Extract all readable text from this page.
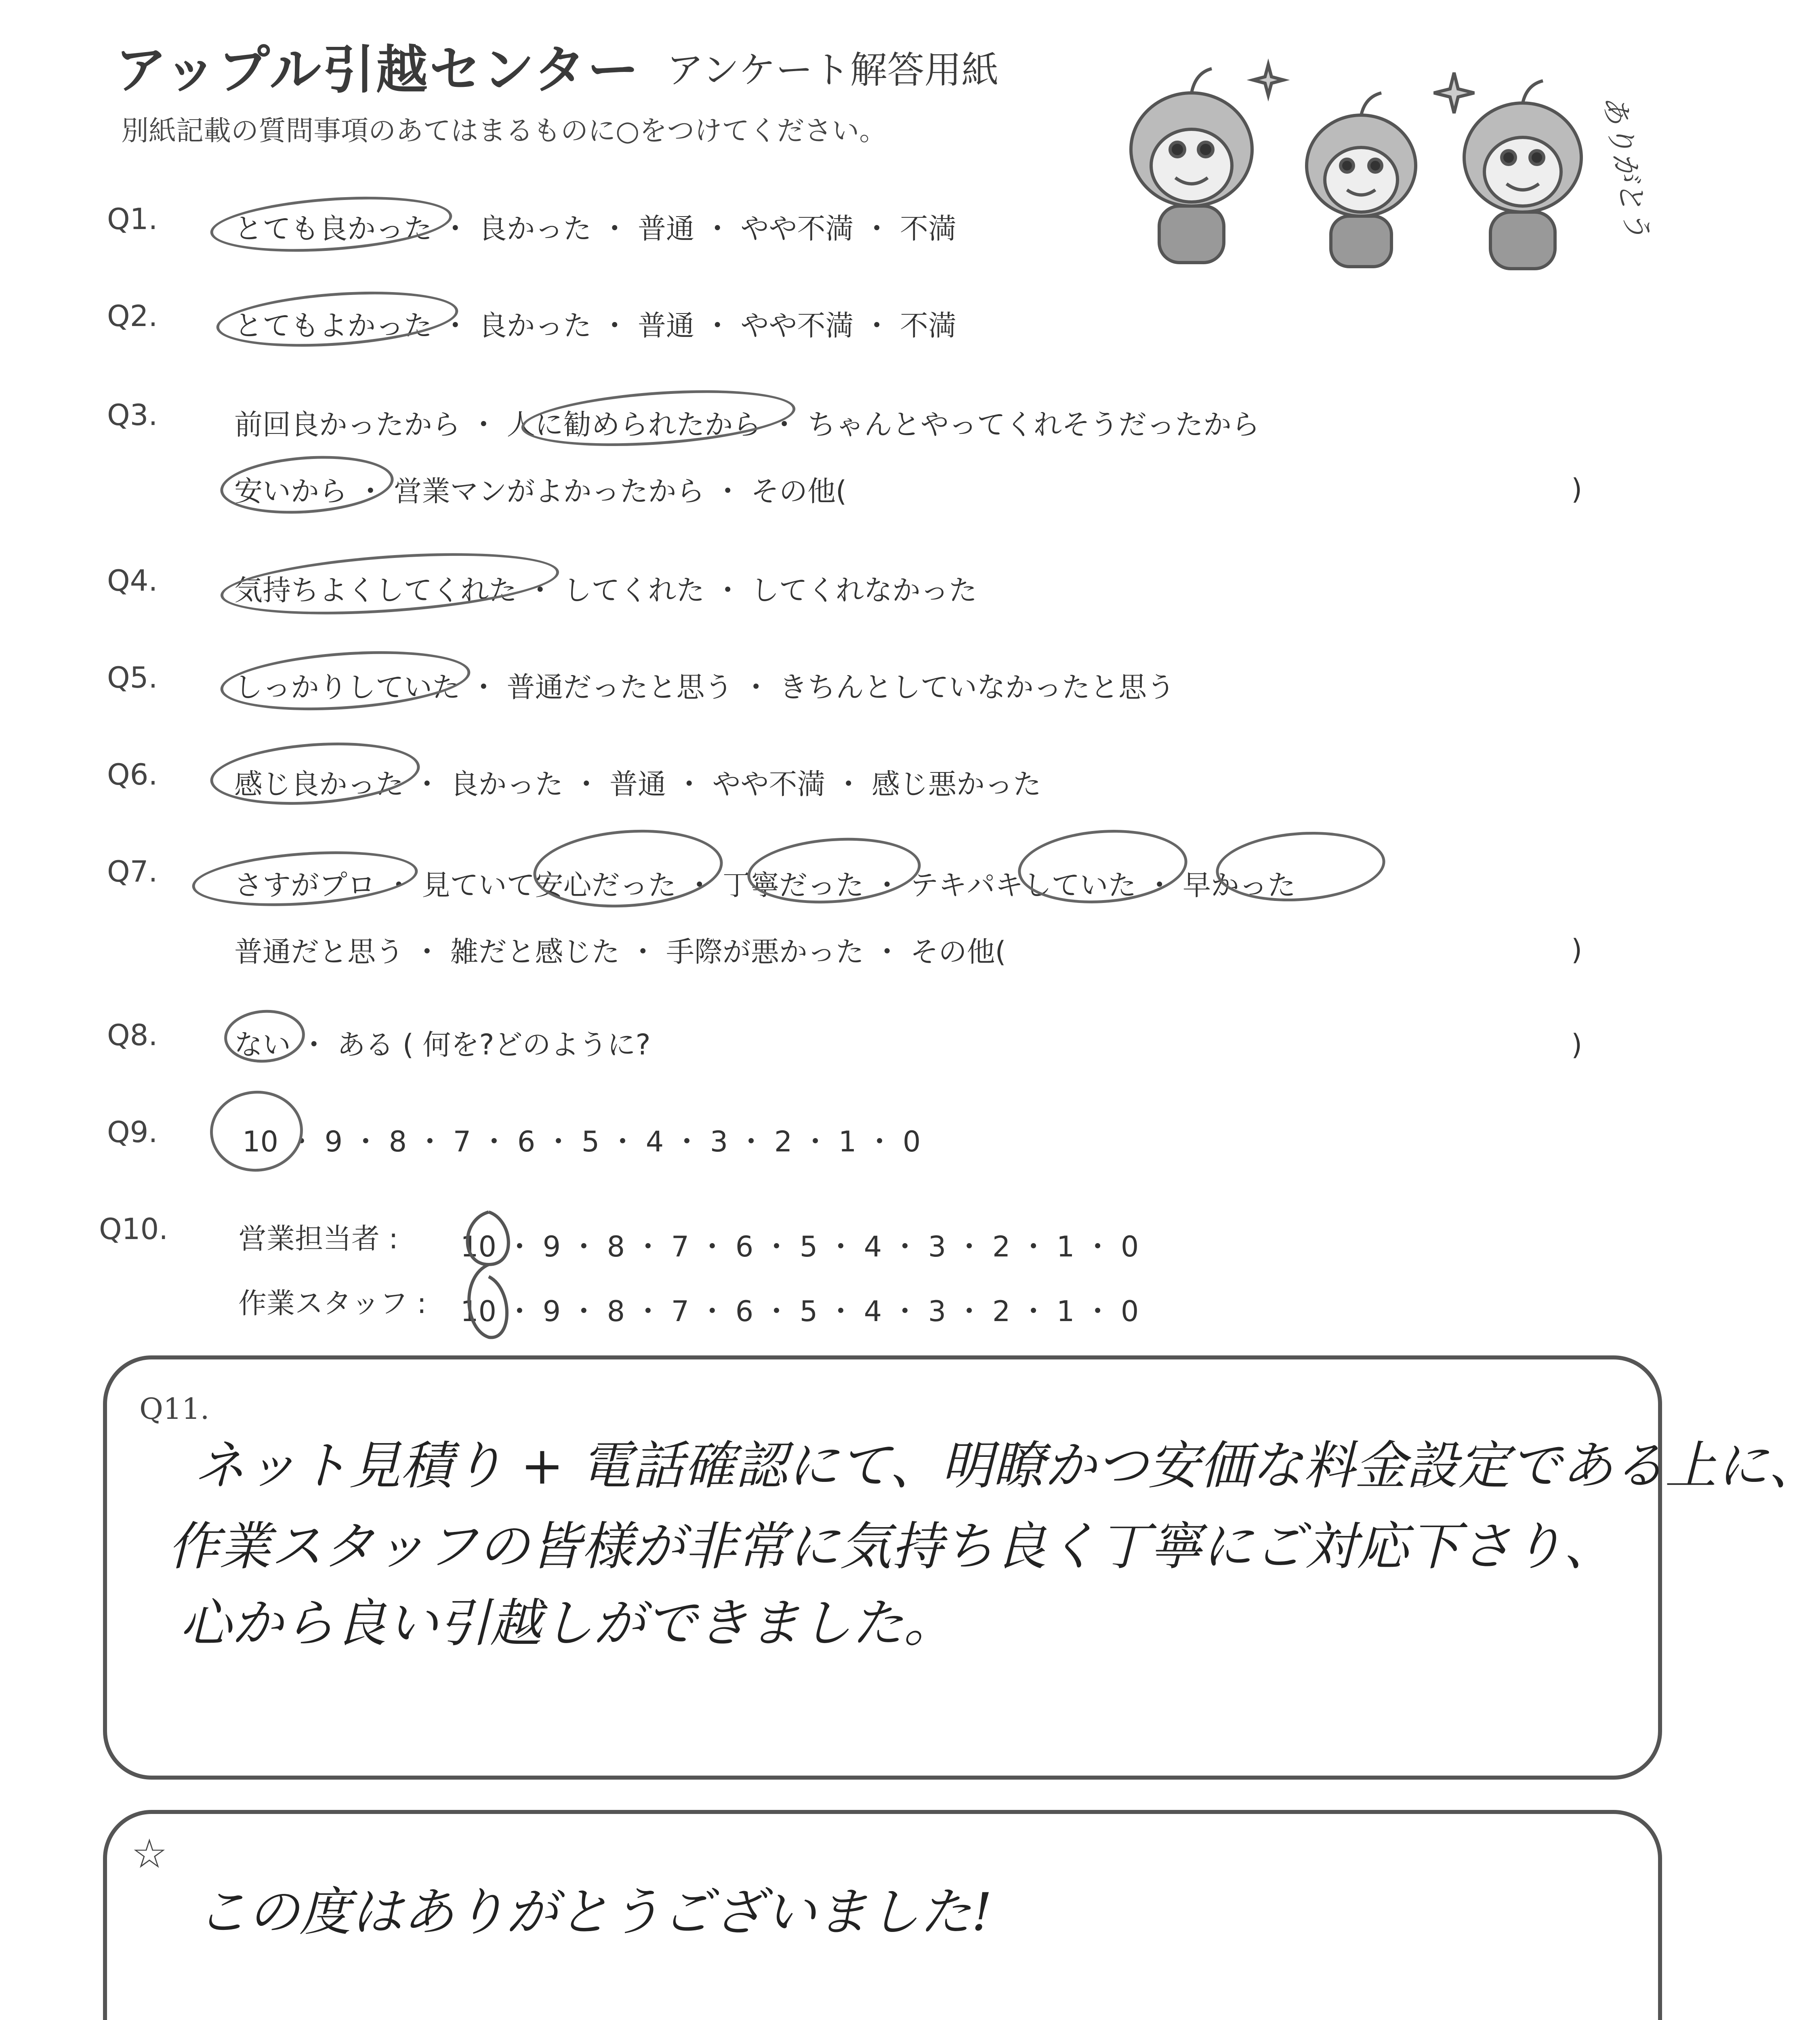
アップル引越センター アンケート解答用紙
別紙記載の質問事項のあてはまるものに○をつけてください。	ありがとう
Q1.	とても良かった ・ 良かった ・ 普通 ・ やや不満 ・ 不満
Q2.	とてもよかった ・ 良かった ・ 普通 ・ やや不満 ・ 不満
Q3.	前回良かったから ・ 人に勧められたから ・ ちゃんとやってくれそうだったから
安いから ・ 営業マンがよかったから ・ その他(	)
Q4.	気持ちよくしてくれた ・ してくれた ・ してくれなかった
Q5.	しっかりしていた ・ 普通だったと思う ・ きちんとしていなかったと思う
Q6.	感じ良かった ・ 良かった ・ 普通 ・ やや不満 ・ 感じ悪かった
Q7.	さすがプロ ・ 見ていて安心だった ・ 丁寧だった ・ テキパキしていた ・ 早かった
普通だと思う ・ 雑だと感じた ・ 手際が悪かった ・ その他(	)
Q8.	ない ・ ある ( 何を?どのように?	)
Q9.	10 ・ 9 ・ 8 ・ 7 ・ 6 ・ 5 ・ 4 ・ 3 ・ 2 ・ 1 ・ 0
Q10. 営業担当者 : 10 ・ 9 ・ 8 ・ 7 ・ 6 ・ 5 ・ 4 ・ 3 ・ 2 ・ 1 ・ 0
作業スタッフ : 10 ・ 9 ・ 8 ・ 7 ・ 6 ・ 5 ・ 4 ・ 3 ・ 2 ・ 1 ・ 0
Q11.
ネット見積り + 電話確認にて、明瞭かつ安価な料金設定である上に、
作業スタッフの皆様が非常に気持ち良く丁寧にご対応下さり、
心から良い引越しができました。
☆
この度はありがとうございました!
